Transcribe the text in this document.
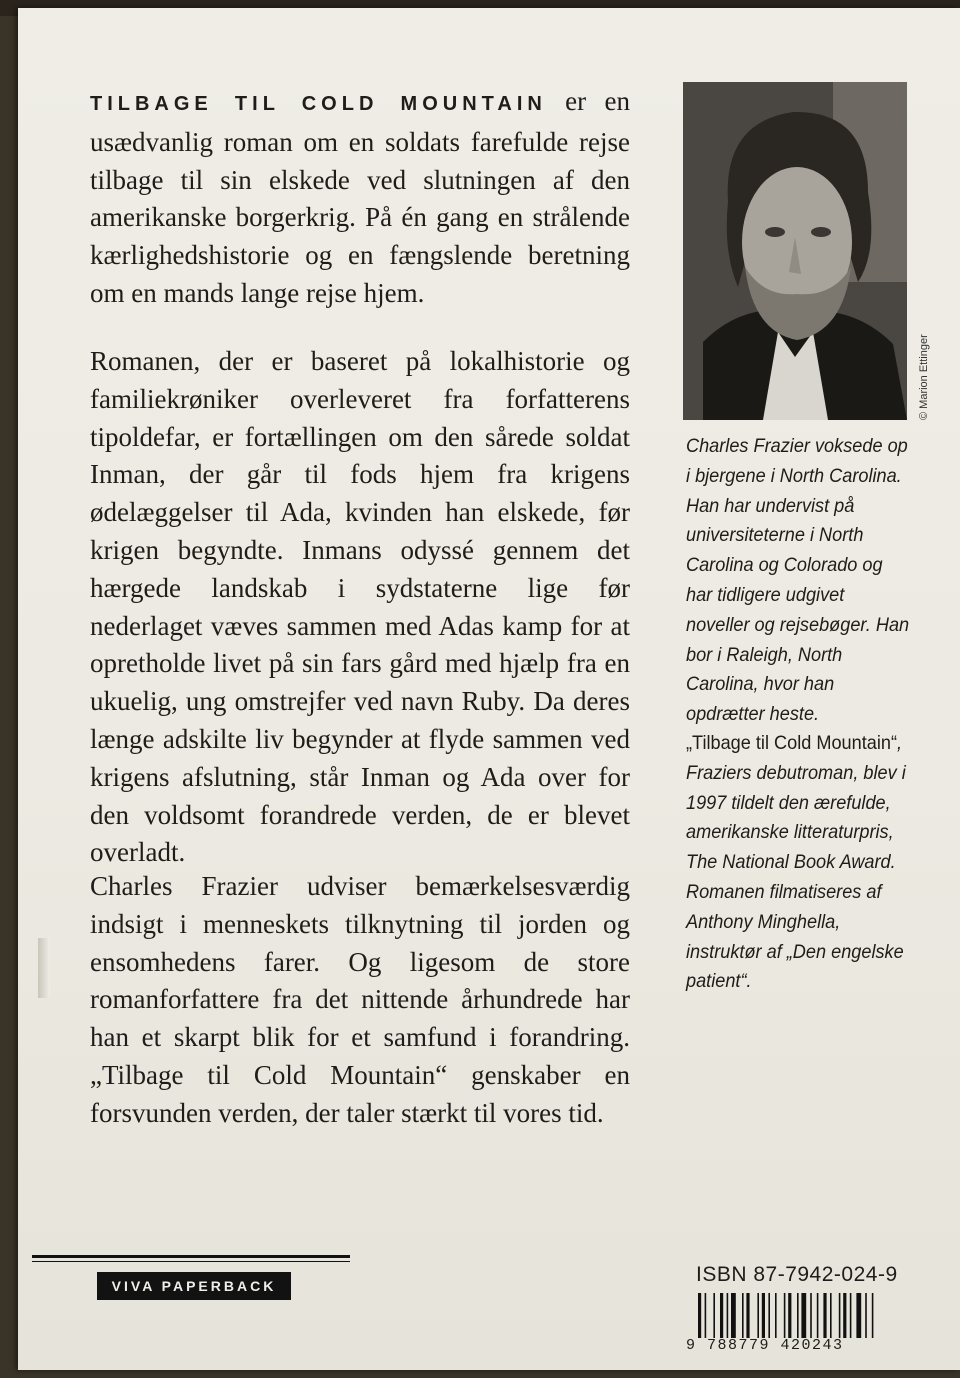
TILBAGE TIL COLD MOUNTAIN er en usædvanlig roman om en soldats farefulde rejse tilbage til sin elskede ved slutningen af den amerikanske borgerkrig. På én gang en strålende kærlighedshistorie og en fængslende beretning om en mands lange rejse hjem.

Romanen, der er baseret på lokalhistorie og familiekrøniker overleveret fra forfatterens tipoldefar, er fortællingen om den sårede soldat Inman, der går til fods hjem fra krigens ødelæggelser til Ada, kvinden han elskede, før krigen begyndte. Inmans odyssé gennem det hærgede landskab i sydstaterne lige før nederlaget væves sammen med Adas kamp for at opretholde livet på sin fars gård med hjælp fra en ukuelig, ung omstrejfer ved navn Ruby. Da deres længe adskilte liv begynder at flyde sammen ved krigens afslutning, står Inman og Ada over for den voldsomt forandrede verden, de er blevet overladt.

Charles Frazier udviser bemærkelsesværdig indsigt i menneskets tilknytning til jorden og ensomhedens farer. Og ligesom de store romanforfattere fra det nittende århundrede har han et skarpt blik for et samfund i forandring. „Tilbage til Cold Mountain“ genskaber en forsvunden verden, der taler stærkt til vores tid.

© Marion Ettinger

Charles Frazier voksede op i bjergene i North Carolina. Han har undervist på universiteterne i North Carolina og Colorado og har tidligere udgivet noveller og rejsebøger. Han bor i Raleigh, North Carolina, hvor han opdrætter heste.

„Tilbage til Cold Mountain“, Fraziers debutroman, blev i 1997 tildelt den ærefulde, amerikanske litteraturpris, The National Book Award. Romanen filmatiseres af Anthony Minghella, instruktør af „Den engelske patient“.

VIVA PAPERBACK	ISBN 87-7942-024-9
9 788779 420243
